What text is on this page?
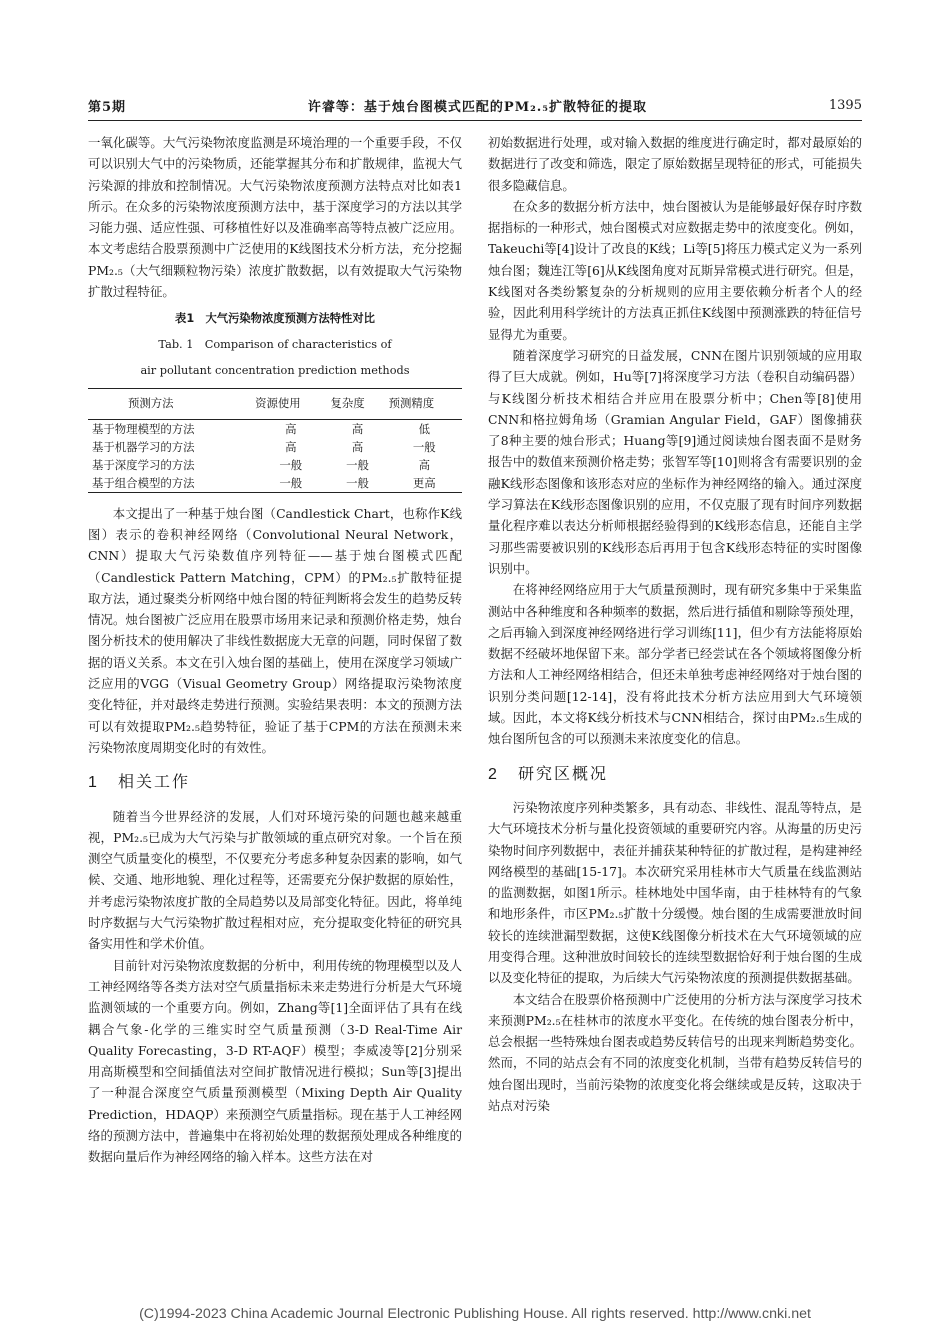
第5期	许睿等：基于烛台图模式匹配的PM₂.₅扩散特征的提取	1395

一氧化碳等。大气污染物浓度监测是环境治理的一个重要手段，不仅可以识别大气中的污染物质，还能掌握其分布和扩散规律，监视大气污染源的排放和控制情况。大气污染物浓度预测方法特点对比如表1所示。在众多的污染物浓度预测方法中，基于深度学习的方法以其学习能力强、适应性强、可移植性好以及准确率高等特点被广泛应用。本文考虑结合股票预测中广泛使用的K线图技术分析方法，充分挖掘PM₂.₅（大气细颗粒物污染）浓度扩散数据，以有效提取大气污染物扩散过程特征。

表1　大气污染物浓度预测方法特性对比
Tab. 1　Comparison of characteristics of
air pollutant concentration prediction methods
预测方法	资源使用	复杂度	预测精度
基于物理模型的方法	高	高	低
基于机器学习的方法	高	高	一般
基于深度学习的方法	一般	一般	高
基于组合模型的方法	一般	一般	更高

本文提出了一种基于烛台图（Candlestick Chart，也称作K线图）表示的卷积神经网络（Convolutional Neural Network，CNN）提取大气污染数值序列特征——基于烛台图模式匹配（Candlestick Pattern Matching，CPM）的PM₂.₅扩散特征提取方法，通过聚类分析网络中烛台图的特征判断将会发生的趋势反转情况。烛台图被广泛应用在股票市场用来记录和预测价格走势，烛台图分析技术的使用解决了非线性数据庞大无章的问题，同时保留了数据的语义关系。本文在引入烛台图的基础上，使用在深度学习领域广泛应用的VGG（Visual Geometry Group）网络提取污染物浓度变化特征，并对最终走势进行预测。实验结果表明：本文的预测方法可以有效提取PM₂.₅趋势特征，验证了基于CPM的方法在预测未来污染物浓度周期变化时的有效性。

1 相关工作

随着当今世界经济的发展，人们对环境污染的问题也越来越重视，PM₂.₅已成为大气污染与扩散领域的重点研究对象。一个旨在预测空气质量变化的模型，不仅要充分考虑多种复杂因素的影响，如气候、交通、地形地貌、理化过程等，还需要充分保护数据的原始性，并考虑污染物浓度扩散的全局趋势以及局部变化特征。因此，将单纯时序数据与大气污染物扩散过程相对应，充分提取变化特征的研究具备实用性和学术价值。

目前针对污染物浓度数据的分析中，利用传统的物理模型以及人工神经网络等各类方法对空气质量指标未来走势进行分析是大气环境监测领域的一个重要方向。例如，Zhang等[1]全面评估了具有在线耦合气象-化学的三维实时空气质量预测（3-D Real-Time Air Quality Forecasting，3-D RT-AQF）模型；李威凌等[2]分别采用高斯模型和空间插值法对空间扩散情况进行模拟；Sun等[3]提出了一种混合深度空气质量预测模型（Mixing Depth Air Quality Prediction，HDAQP）来预测空气质量指标。现在基于人工神经网络的预测方法中，普遍集中在将初始处理的数据预处理成各种维度的数据向量后作为神经网络的输入样本。这些方法在对

初始数据进行处理，或对输入数据的维度进行确定时，都对最原始的数据进行了改变和筛选，限定了原始数据呈现特征的形式，可能损失很多隐藏信息。

在众多的数据分析方法中，烛台图被认为是能够最好保存时序数据指标的一种形式，烛台图模式对应数据走势中的浓度变化。例如，Takeuchi等[4]设计了改良的K线；Li等[5]将压力模式定义为一系列烛台图；魏连江等[6]从K线图角度对瓦斯异常模式进行研究。但是，K线图对各类纷繁复杂的分析规则的应用主要依赖分析者个人的经验，因此利用科学统计的方法真正抓住K线图中预测涨跌的特征信号显得尤为重要。

随着深度学习研究的日益发展，CNN在图片识别领域的应用取得了巨大成就。例如，Hu等[7]将深度学习方法（卷积自动编码器）与K线图分析技术相结合并应用在股票分析中；Chen等[8]使用CNN和格拉姆角场（Gramian Angular Field，GAF）图像捕获了8种主要的烛台形式；Huang等[9]通过阅读烛台图表面不是财务报告中的数值来预测价格走势；张智军等[10]则将含有需要识别的金融K线形态图像和该形态对应的坐标作为神经网络的输入。通过深度学习算法在K线形态图像识别的应用，不仅克服了现有时间序列数据量化程序难以表达分析师根据经验得到的K线形态信息，还能自主学习那些需要被识别的K线形态后再用于包含K线形态特征的实时图像识别中。

在将神经网络应用于大气质量预测时，现有研究多集中于采集监测站中各种维度和各种频率的数据，然后进行插值和剔除等预处理，之后再输入到深度神经网络进行学习训练[11]，但少有方法能将原始数据不经破坏地保留下来。部分学者已经尝试在各个领域将图像分析方法和人工神经网络相结合，但还未单独考虑神经网络对于烛台图的识别分类问题[12-14]，没有将此技术分析方法应用到大气环境领域。因此，本文将K线分析技术与CNN相结合，探讨由PM₂.₅生成的烛台图所包含的可以预测未来浓度变化的信息。

2 研究区概况

污染物浓度序列种类繁多，具有动态、非线性、混乱等特点，是大气环境技术分析与量化投资领域的重要研究内容。从海量的历史污染物时间序列数据中，表征并捕获某种特征的扩散过程，是构建神经网络模型的基础[15-17]。本次研究采用桂林市大气质量在线监测站的监测数据，如图1所示。桂林地处中国华南，由于桂林特有的气象和地形条件，市区PM₂.₅扩散十分缓慢。烛台图的生成需要泄放时间较长的连续泄漏型数据，这使K线图像分析技术在大气环境领域的应用变得合理。这种泄放时间较长的连续型数据恰好利于烛台图的生成以及变化特征的提取，为后续大气污染物浓度的预测提供数据基础。

本文结合在股票价格预测中广泛使用的分析方法与深度学习技术来预测PM₂.₅在桂林市的浓度水平变化。在传统的烛台图表分析中，总会根据一些特殊烛台图表或趋势反转信号的出现来判断趋势变化。然而，不同的站点会有不同的浓度变化机制，当带有趋势反转信号的烛台图出现时，当前污染物的浓度变化将会继续或是反转，这取决于站点对污染

(C)1994-2023 China Academic Journal Electronic Publishing House. All rights reserved. http://www.cnki.net
